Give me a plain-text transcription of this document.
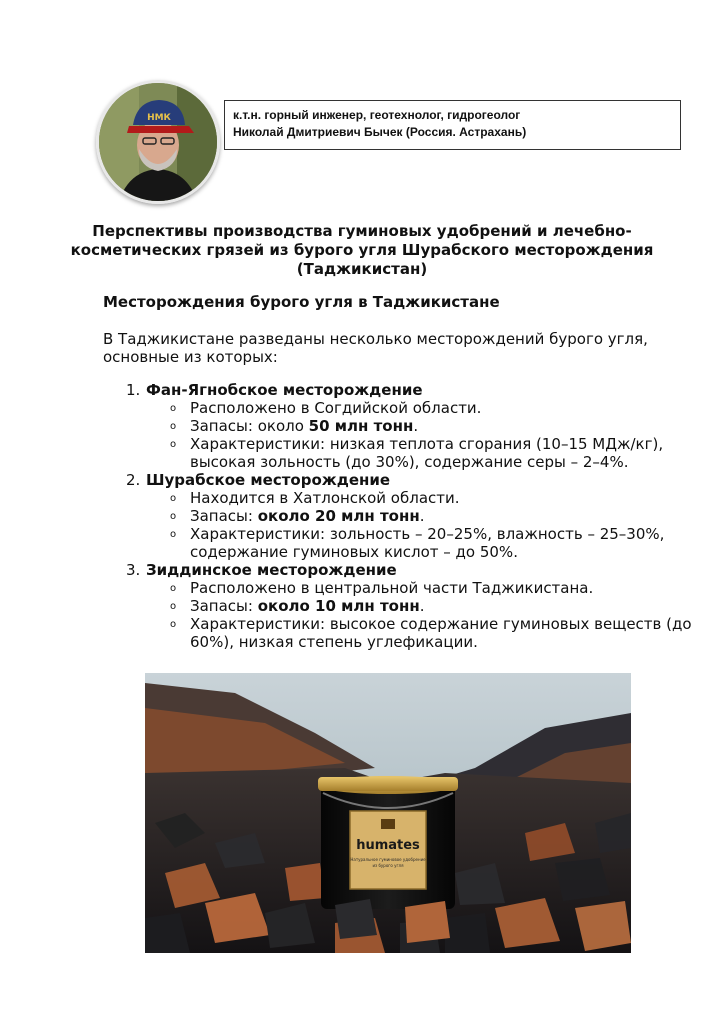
НМК	к.т.н. горный инженер, геотехнолог, гидрогеолог
Николай Дмитриевич Бычек (Россия. Астрахань)
Перспективы производства гуминовых удобрений и лечебно-
косметических грязей из бурого угля Шурабского месторождения
(Таджикистан)
Месторождения бурого угля в Таджикистане
В Таджикистане разведаны несколько месторождений бурого угля,
основные из которых:
1. Фан-Ягнобское месторождение
o Расположено в Согдийской области.
o Запасы: около 50 млн тонн.
o Характеристики: низкая теплота сгорания (10–15 МДж/кг),
высокая зольность (до 30%), содержание серы – 2–4%.
2. Шурабское месторождение
o Находится в Хатлонской области.
o Запасы: около 20 млн тонн.
o Характеристики: зольность – 20–25%, влажность – 25–30%,
содержание гуминовых кислот – до 50%.
3. Зиддинское месторождение
o Расположено в центральной части Таджикистана.
o Запасы: около 10 млн тонн.
o Характеристики: высокое содержание гуминовых веществ (до
60%), низкая степень углефикации.
humates
Натуральное гуминовое удобрение
из бурого угля
